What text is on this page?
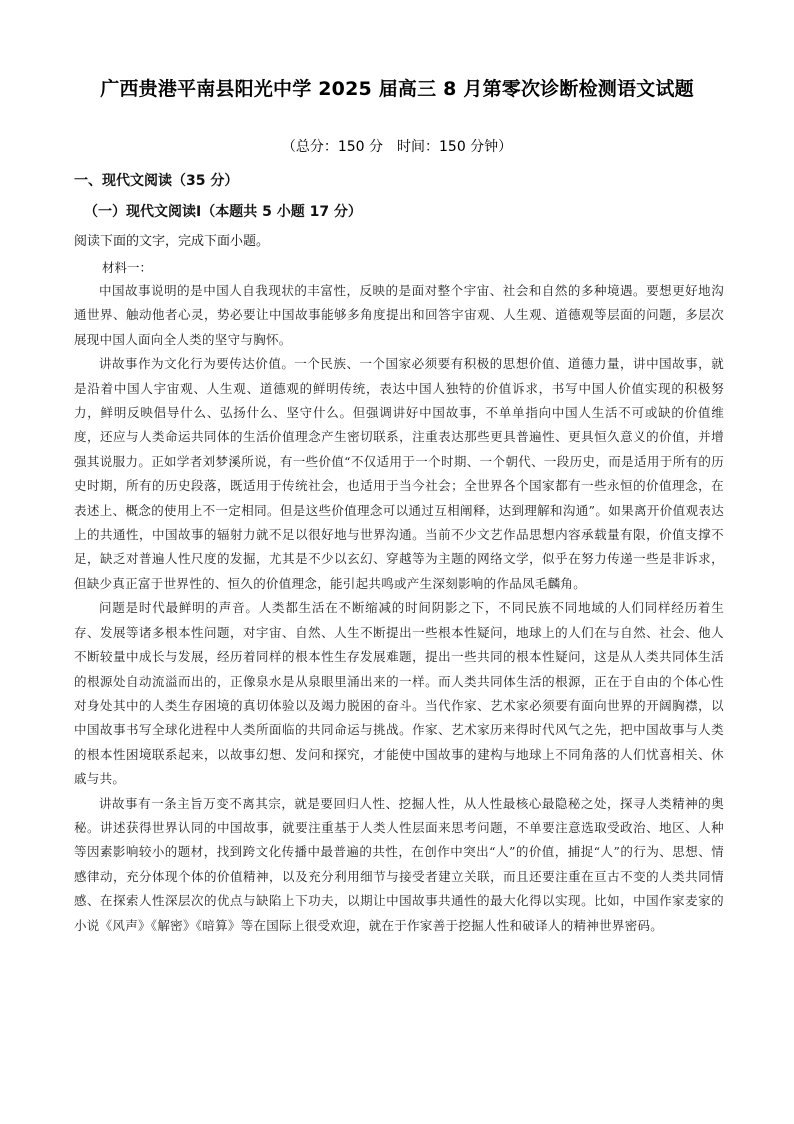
广西贵港平南县阳光中学 2025 届高三 8 月第零次诊断检测语文试题
（总分：150 分　时间：150 分钟）
一、现代文阅读（35 分）
（一）现代文阅读Ⅰ（本题共 5 小题 17 分）
阅读下面的文字，完成下面小题。
材料一：

中国故事说明的是中国人自我现状的丰富性，反映的是面对整个宇宙、社会和自然的多种境遇。要想更好地沟通世界、触动他者心灵，势必要让中国故事能够多角度提出和回答宇宙观、人生观、道德观等层面的问题，多层次展现中国人面向全人类的坚守与胸怀。

讲故事作为文化行为要传达价值。一个民族、一个国家必须要有积极的思想价值、道德力量，讲中国故事，就是沿着中国人宇宙观、人生观、道德观的鲜明传统，表达中国人独特的价值诉求，书写中国人价值实现的积极努力，鲜明反映倡导什么、弘扬什么、坚守什么。但强调讲好中国故事，不单单指向中国人生活不可或缺的价值维度，还应与人类命运共同体的生活价值理念产生密切联系，注重表达那些更具普遍性、更具恒久意义的价值，并增强其说服力。正如学者刘梦溪所说，有一些价值“不仅适用于一个时期、一个朝代、一段历史，而是适用于所有的历史时期，所有的历史段落，既适用于传统社会，也适用于当今社会；全世界各个国家都有一些永恒的价值理念，在表述上、概念的使用上不一定相同。但是这些价值理念可以通过互相阐释，达到理解和沟通”。如果离开价值观表达上的共通性，中国故事的辐射力就不足以很好地与世界沟通。当前不少文艺作品思想内容承载量有限，价值支撑不足，缺乏对普遍人性尺度的发掘，尤其是不少以玄幻、穿越等为主题的网络文学，似乎在努力传递一些是非诉求，但缺少真正富于世界性的、恒久的价值理念，能引起共鸣或产生深刻影响的作品凤毛麟角。

问题是时代最鲜明的声音。人类都生活在不断缩减的时间阴影之下，不同民族不同地域的人们同样经历着生存、发展等诸多根本性问题，对宇宙、自然、人生不断提出一些根本性疑问，地球上的人们在与自然、社会、他人不断较量中成长与发展，经历着同样的根本性生存发展难题，提出一些共同的根本性疑问，这是从人类共同体生活的根源处自动流溢而出的，正像泉水是从泉眼里涌出来的一样。而人类共同体生活的根源，正在于自由的个体心性对身处其中的人类生存困境的真切体验以及竭力脱困的奋斗。当代作家、艺术家必须要有面向世界的开阔胸襟，以中国故事书写全球化进程中人类所面临的共同命运与挑战。作家、艺术家历来得时代风气之先，把中国故事与人类的根本性困境联系起来，以故事幻想、发问和探究，才能使中国故事的建构与地球上不同角落的人们忧喜相关、休戚与共。

讲故事有一条主旨万变不离其宗，就是要回归人性、挖掘人性，从人性最核心最隐秘之处，探寻人类精神的奥秘。讲述获得世界认同的中国故事，就要注重基于人类人性层面来思考问题，不单要注意选取受政治、地区、人种等因素影响较小的题材，找到跨文化传播中最普遍的共性，在创作中突出“人”的价值，捕捉“人”的行为、思想、情感律动，充分体现个体的价值精神，以及充分利用细节与接受者建立关联，而且还要注重在亘古不变的人类共同情感、在探索人性深层次的优点与缺陷上下功夫，以期让中国故事共通性的最大化得以实现。比如，中国作家麦家的小说《风声》《解密》《暗算》等在国际上很受欢迎，就在于作家善于挖掘人性和破译人的精神世界密码。
